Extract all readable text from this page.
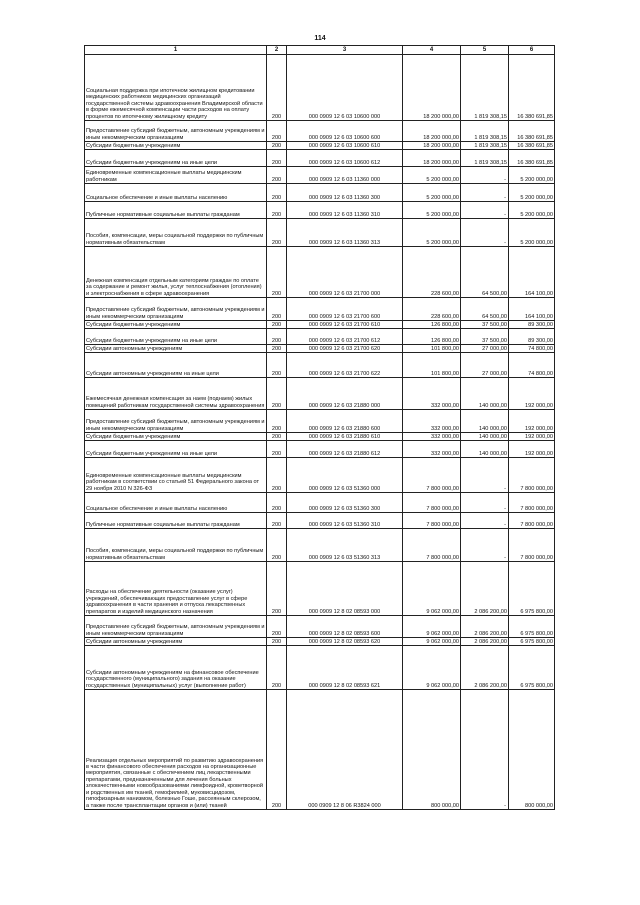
114
1	2	3	4	5	6
Социальная поддержка при ипотечном жилищном кредитовании медицинских работников медицинских организаций государственной системы здравоохранения Владимирской области в форме ежемесячной компенсации части расходов на оплату процентов по ипотечному жилищному кредиту	200	000 0909 12 6 03 10600 000	18 200 000,00	1 819 308,15	16 380 691,85
Предоставление субсидий бюджетным, автономным учреждениям и иным некоммерческим организациям	200	000 0909 12 6 03 10600 600	18 200 000,00	1 819 308,15	16 380 691,85
Субсидии бюджетным учреждениям	200	000 0909 12 6 03 10600 610	18 200 000,00	1 819 308,15	16 380 691,85
Субсидии бюджетным учреждениям на иные цели	200	000 0909 12 6 03 10600 612	18 200 000,00	1 819 308,15	16 380 691,85
Единовременные компенсационные выплаты медицинским работникам	200	000 0909 12 6 03 11360 000	5 200 000,00	-	5 200 000,00
Социальное обеспечение и иные выплаты населению	200	000 0909 12 6 03 11360 300	5 200 000,00	-	5 200 000,00
Публичные нормативные социальные выплаты гражданам	200	000 0909 12 6 03 11360 310	5 200 000,00	-	5 200 000,00
Пособия, компенсации, меры социальной поддержки по публичным нормативным обязательствам	200	000 0909 12 6 03 11360 313	5 200 000,00	-	5 200 000,00
Денежная компенсация отдельным категориям граждан по оплате за содержание и ремонт жилья, услуг теплоснабжения (отопления) и электроснабжения в сфере здравоохранения	200	000 0909 12 6 03 21700 000	228 600,00	64 500,00	164 100,00
Предоставление субсидий бюджетным, автономным учреждениям и иным некоммерческим организациям	200	000 0909 12 6 03 21700 600	228 600,00	64 500,00	164 100,00
Субсидии бюджетным учреждениям	200	000 0909 12 6 03 21700 610	126 800,00	37 500,00	89 300,00
Субсидии бюджетным учреждениям на иные цели	200	000 0909 12 6 03 21700 612	126 800,00	37 500,00	89 300,00
Субсидии автономным учреждениям	200	000 0909 12 6 03 21700 620	101 800,00	27 000,00	74 800,00
Субсидии автономным учреждениям на иные цели	200	000 0909 12 6 03 21700 622	101 800,00	27 000,00	74 800,00
Ежемесячная денежная компенсация за наем (поднаем) жилых помещений работникам государственной системы здравоохранения	200	000 0909 12 6 03 21880 000	332 000,00	140 000,00	192 000,00
Предоставление субсидий бюджетным, автономным учреждениям и иным некоммерческим организациям	200	000 0909 12 6 03 21880 600	332 000,00	140 000,00	192 000,00
Субсидии бюджетным учреждениям	200	000 0909 12 6 03 21880 610	332 000,00	140 000,00	192 000,00
Субсидии бюджетным учреждениям на иные цели	200	000 0909 12 6 03 21880 612	332 000,00	140 000,00	192 000,00
Единовременные компенсационные выплаты медицинским работникам в соответствии со статьей 51 Федерального закона от 29 ноября 2010 N 326-ФЗ	200	000 0909 12 6 03 51360 000	7 800 000,00	-	7 800 000,00
Социальное обеспечение и иные выплаты населению	200	000 0909 12 6 03 51360 300	7 800 000,00	-	7 800 000,00
Публичные нормативные социальные выплаты гражданам	200	000 0909 12 6 03 51360 310	7 800 000,00	-	7 800 000,00
Пособия, компенсации, меры социальной поддержки по публичным нормативным обязательствам	200	000 0909 12 6 03 51360 313	7 800 000,00	-	7 800 000,00
Расходы на обеспечение деятельности (оказание услуг) учреждений, обеспечивающих предоставление услуг в сфере здравоохранения в части хранения и отпуска лекарственных препаратов и изделий медицинского назначения	200	000 0909 12 8 02 08593 000	9 062 000,00	2 086 200,00	6 975 800,00
Предоставление субсидий бюджетным, автономным учреждениям и иным некоммерческим организациям	200	000 0909 12 8 02 08593 600	9 062 000,00	2 086 200,00	6 975 800,00
Субсидии автономным учреждениям	200	000 0909 12 8 02 08593 620	9 062 000,00	2 086 200,00	6 975 800,00
Субсидии автономным учреждениям на финансовое обеспечение государственного (муниципального) задания на оказание государственных (муниципальных) услуг (выполнение работ)	200	000 0909 12 8 02 08593 621	9 062 000,00	2 086 200,00	6 975 800,00
Реализация отдельных мероприятий по развитию здравоохранения в части финансового обеспечения расходов на организационные мероприятия, связанные с обеспечением лиц лекарственными препаратами, предназначенными для лечения больных злокачественными новообразованиями лимфоидной, кроветворной и родственных им тканей, гемофилией, муковисцидозом, гипофизарным нанизмом, болезнью Гоше, рассеянным склерозом, а также после трансплантации органов и (или) тканей	200	000 0909 12 8 06 R3824 000	800 000,00	-	800 000,00
